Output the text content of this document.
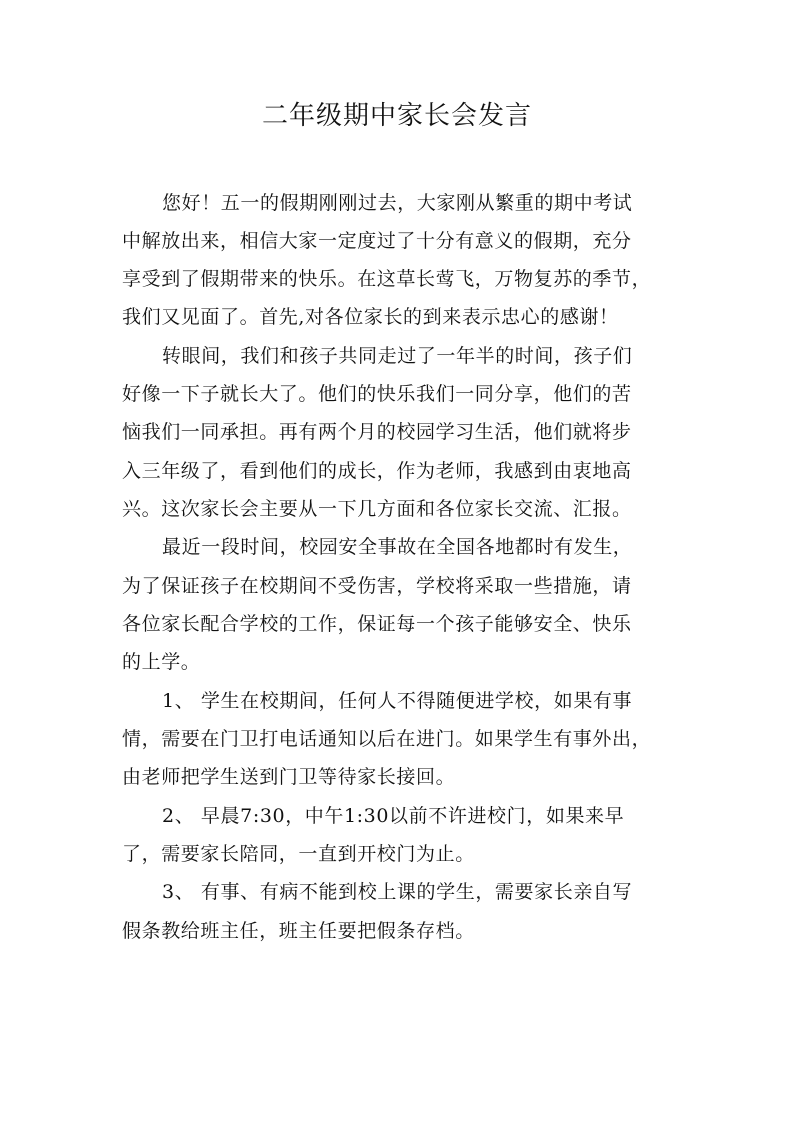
二年级期中家长会发言
您好！五一的假期刚刚过去，大家刚从繁重的期中考试
中解放出来，相信大家一定度过了十分有意义的假期，充分
享受到了假期带来的快乐。在这草长莺飞，万物复苏的季节，
我们又见面了。首先,对各位家长的到来表示忠心的感谢！
转眼间，我们和孩子共同走过了一年半的时间，孩子们
好像一下子就长大了。他们的快乐我们一同分享，他们的苦
恼我们一同承担。再有两个月的校园学习生活，他们就将步
入三年级了，看到他们的成长，作为老师，我感到由衷地高
兴。这次家长会主要从一下几方面和各位家长交流、汇报。
最近一段时间，校园安全事故在全国各地都时有发生，
为了保证孩子在校期间不受伤害，学校将采取一些措施，请
各位家长配合学校的工作，保证每一个孩子能够安全、快乐
的上学。
1、 学生在校期间，任何人不得随便进学校，如果有事
情，需要在门卫打电话通知以后在进门。如果学生有事外出，
由老师把学生送到门卫等待家长接回。
2、 早晨7:30，中午1:30以前不许进校门，如果来早
了，需要家长陪同，一直到开校门为止。
3、 有事、有病不能到校上课的学生，需要家长亲自写
假条教给班主任，班主任要把假条存档。
